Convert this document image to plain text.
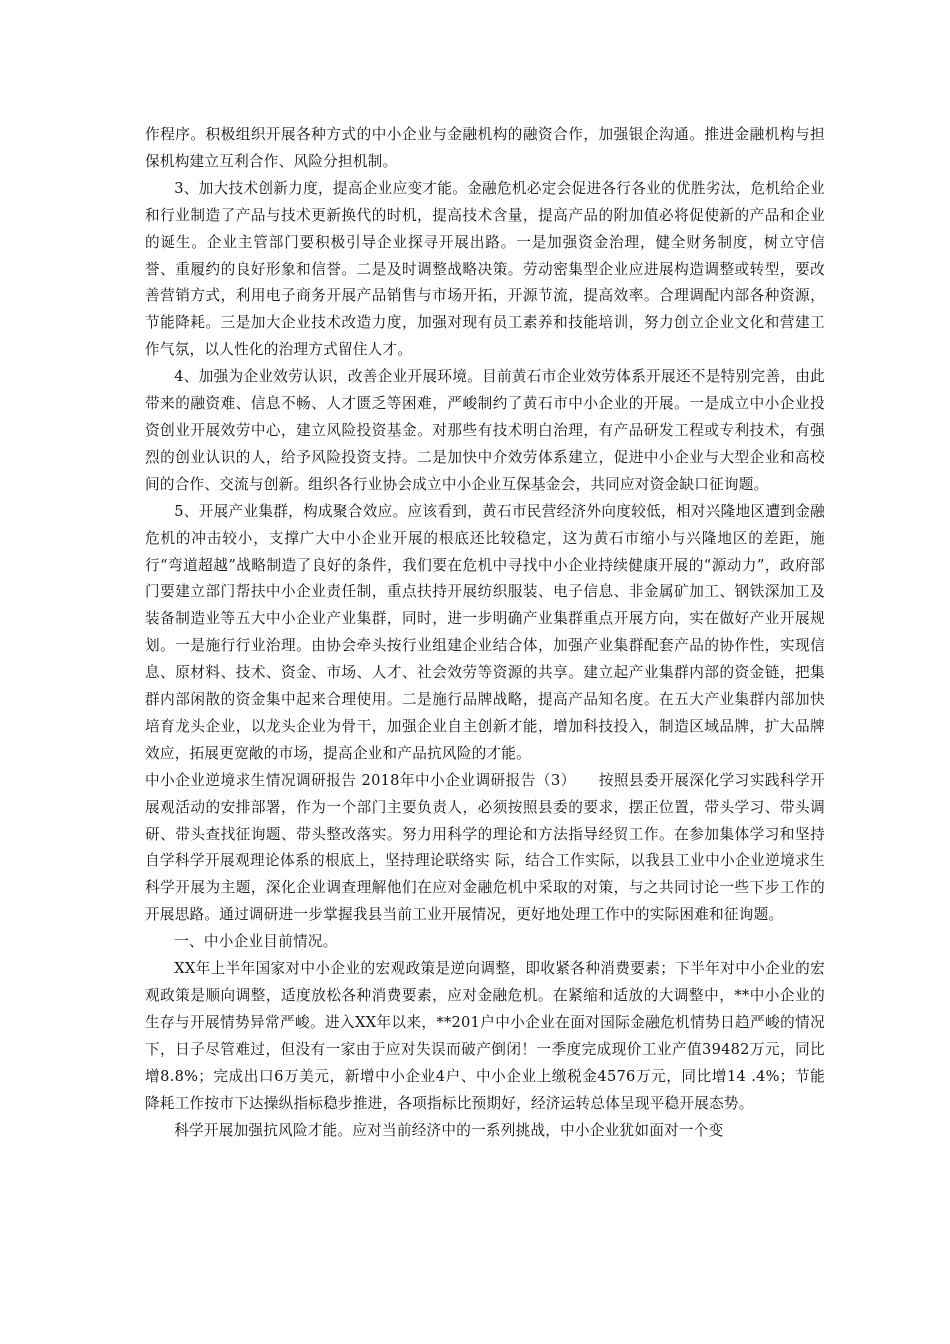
作程序。积极组织开展各种方式的中小企业与金融机构的融资合作，加强银企沟通。推进金融机构与担保机构建立互利合作、风险分担机制。

3、加大技术创新力度，提高企业应变才能。金融危机必定会促进各行各业的优胜劣汰，危机给企业和行业制造了产品与技术更新换代的时机，提高技术含量，提高产品的附加值必将促使新的产品和企业的诞生。企业主管部门要积极引导企业探寻开展出路。一是加强资金治理，健全财务制度，树立守信誉、重履约的良好形象和信誉。二是及时调整战略决策。劳动密集型企业应进展构造调整或转型，要改善营销方式，利用电子商务开展产品销售与市场开拓，开源节流，提高效率。合理调配内部各种资源，节能降耗。三是加大企业技术改造力度，加强对现有员工素养和技能培训，努力创立企业文化和营建工作气氛，以人性化的治理方式留住人才。

4、加强为企业效劳认识，改善企业开展环境。目前黄石市企业效劳体系开展还不是特别完善，由此带来的融资难、信息不畅、人才匮乏等困难，严峻制约了黄石市中小企业的开展。一是成立中小企业投资创业开展效劳中心，建立风险投资基金。对那些有技术明白治理，有产品研发工程或专利技术，有强烈的创业认识的人，给予风险投资支持。二是加快中介效劳体系建立，促进中小企业与大型企业和高校间的合作、交流与创新。组织各行业协会成立中小企业互保基金会，共同应对资金缺口征询题。

5、开展产业集群，构成聚合效应。应该看到，黄石市民营经济外向度较低，相对兴隆地区遭到金融危机的冲击较小，支撑广大中小企业开展的根底还比较稳定，这为黄石市缩小与兴隆地区的差距，施行“弯道超越”战略制造了良好的条件，我们要在危机中寻找中小企业持续健康开展的“源动力”，政府部门要建立部门帮扶中小企业责任制，重点扶持开展纺织服装、电子信息、非金属矿加工、钢铁深加工及装备制造业等五大中小企业产业集群，同时，进一步明确产业集群重点开展方向，实在做好产业开展规划。一是施行行业治理。由协会牵头按行业组建企业结合体，加强产业集群配套产品的协作性，实现信息、原材料、技术、资金、市场、人才、社会效劳等资源的共享。建立起产业集群内部的资金链，把集群内部闲散的资金集中起来合理使用。二是施行品牌战略，提高产品知名度。在五大产业集群内部加快培育龙头企业，以龙头企业为骨干，加强企业自主创新才能，增加科技投入，制造区域品牌，扩大品牌效应，拓展更宽敞的市场，提高企业和产品抗风险的才能。

中小企业逆境求生情况调研报告 2018年中小企业调研报告（3）　　按照县委开展深化学习实践科学开展观活动的安排部署，作为一个部门主要负责人，必须按照县委的要求，摆正位置，带头学习、带头调研、带头查找征询题、带头整改落实。努力用科学的理论和方法指导经贸工作。在参加集体学习和坚持自学科学开展观理论体系的根底上，坚持理论联络实 际，结合工作实际，以我县工业中小企业逆境求生科学开展为主题，深化企业调查理解他们在应对金融危机中采取的对策，与之共同讨论一些下步工作的开展思路。通过调研进一步掌握我县当前工业开展情况，更好地处理工作中的实际困难和征询题。

一、中小企业目前情况。

XX年上半年国家对中小企业的宏观政策是逆向调整，即收紧各种消费要素；下半年对中小企业的宏观政策是顺向调整，适度放松各种消费要素，应对金融危机。在紧缩和适放的大调整中，**中小企业的生存与开展情势异常严峻。进入XX年以来，**201户中小企业在面对国际金融危机情势日趋严峻的情况下，日子尽管难过，但没有一家由于应对失误而破产倒闭！一季度完成现价工业产值39482万元，同比增8.8%；完成出口6万美元，新增中小企业4户、中小企业上缴税金4576万元，同比增14 .4%；节能降耗工作按市下达操纵指标稳步推进，各项指标比预期好，经济运转总体呈现平稳开展态势。

科学开展加强抗风险才能。应对当前经济中的一系列挑战，中小企业犹如面对一个变
